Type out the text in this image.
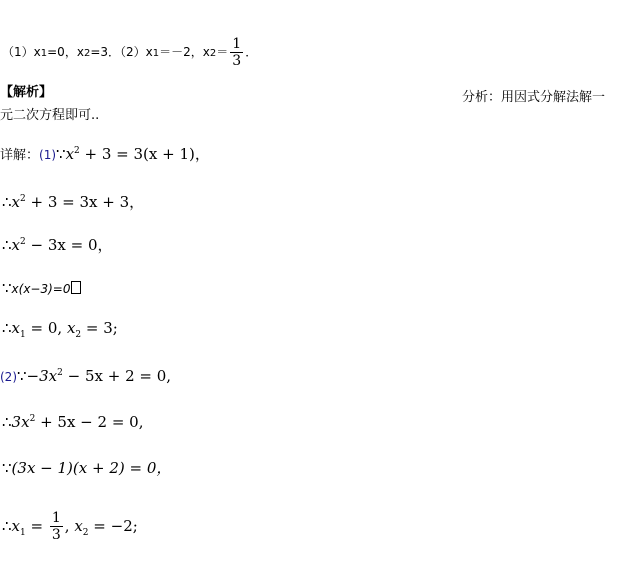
（1）x1=0，x2=3．（2）x1＝－2，$x2= \frac{1}{3}$ ．
【解析】	分析：用因式分解法解一
元二次方程即可..
详解：$(1)\because x^2 + 3 = 3(x + 1)$，
$\therefore x^2 + 3 = 3x + 3$，
$\therefore x^2 - 3x = 0$，
∵x(x−3)=0
$\therefore x_1 = 0$, $x_2 = 3$;
$(2)\because-3x^2 - 5x + 2 = 0$,
$\therefore 3x^2 + 5x - 2 = 0$,
∵(3x − 1)(x + 2) = 0，
$\therefore x_1 = \frac{1}{3}$ , $x_2 = -2$;
